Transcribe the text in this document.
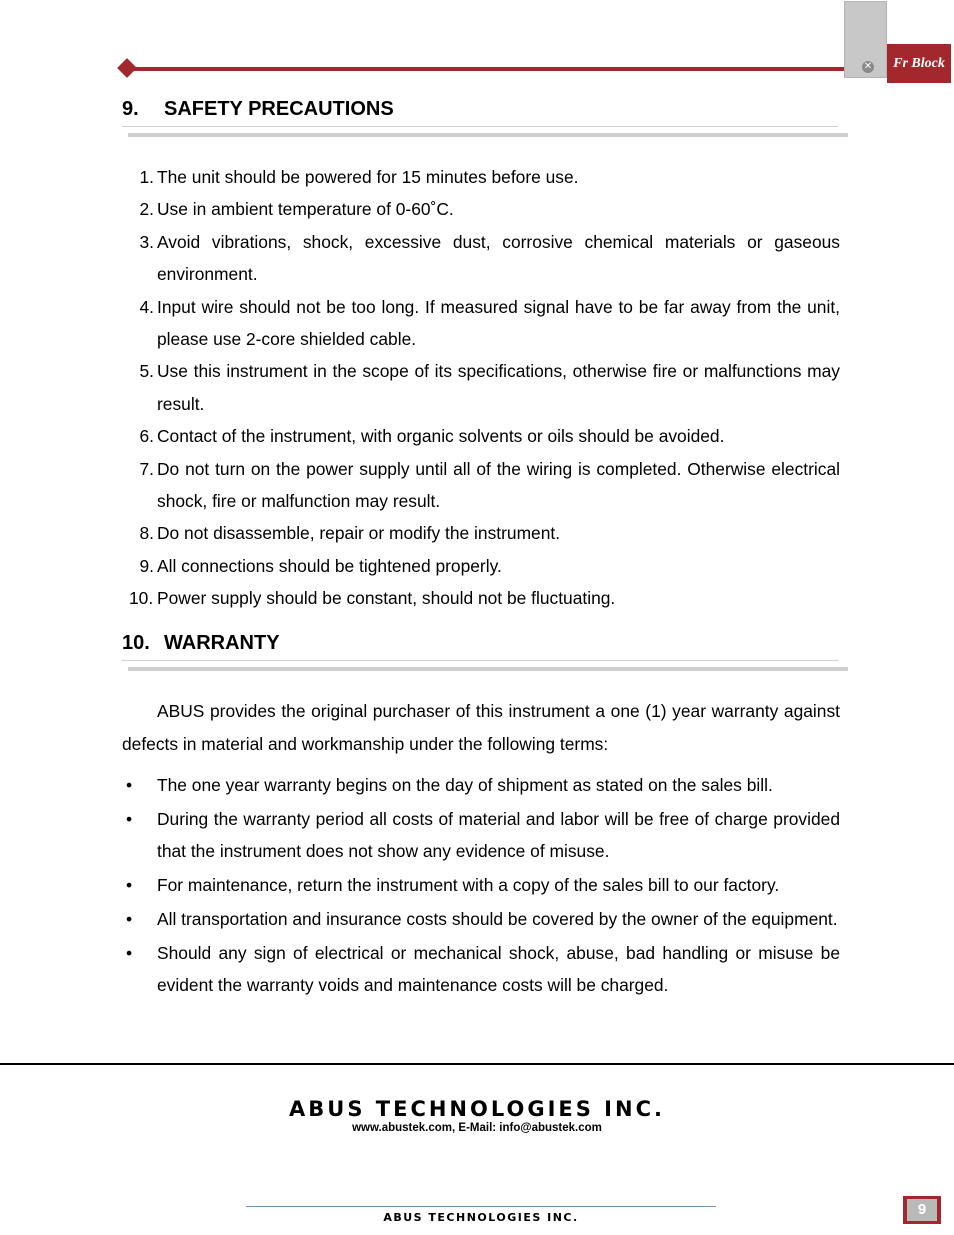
✕	Fr Block
9. SAFETY PRECAUTIONS
1. The unit should be powered for 15 minutes before use.
2. Use in ambient temperature of 0-60˚C.
3. Avoid vibrations, shock, excessive dust, corrosive chemical materials or gaseous environment.
4. Input wire should not be too long. If measured signal have to be far away from the unit, please use 2-core shielded cable.
5. Use this instrument in the scope of its specifications, otherwise fire or malfunctions may result.
6. Contact of the instrument, with organic solvents or oils should be avoided.
7. Do not turn on the power supply until all of the wiring is completed. Otherwise electrical shock, fire or malfunction may result.
8. Do not disassemble, repair or modify the instrument.
9. All connections should be tightened properly.
10. Power supply should be constant, should not be fluctuating.
10. WARRANTY

ABUS provides the original purchaser of this instrument a one (1) year warranty against defects in material and workmanship under the following terms:

• The one year warranty begins on the day of shipment as stated on the sales bill.
• During the warranty period all costs of material and labor will be free of charge provided that the instrument does not show any evidence of misuse.
• For maintenance, return the instrument with a copy of the sales bill to our factory.
• All transportation and insurance costs should be covered by the owner of the equipment.
• Should any sign of electrical or mechanical shock, abuse, bad handling or misuse be evident the warranty voids and maintenance costs will be charged.
ABUS TECHNOLOGIES INC.
www.abustek.com, E-Mail: info@abustek.com
ABUS TECHNOLOGIES INC.	9
